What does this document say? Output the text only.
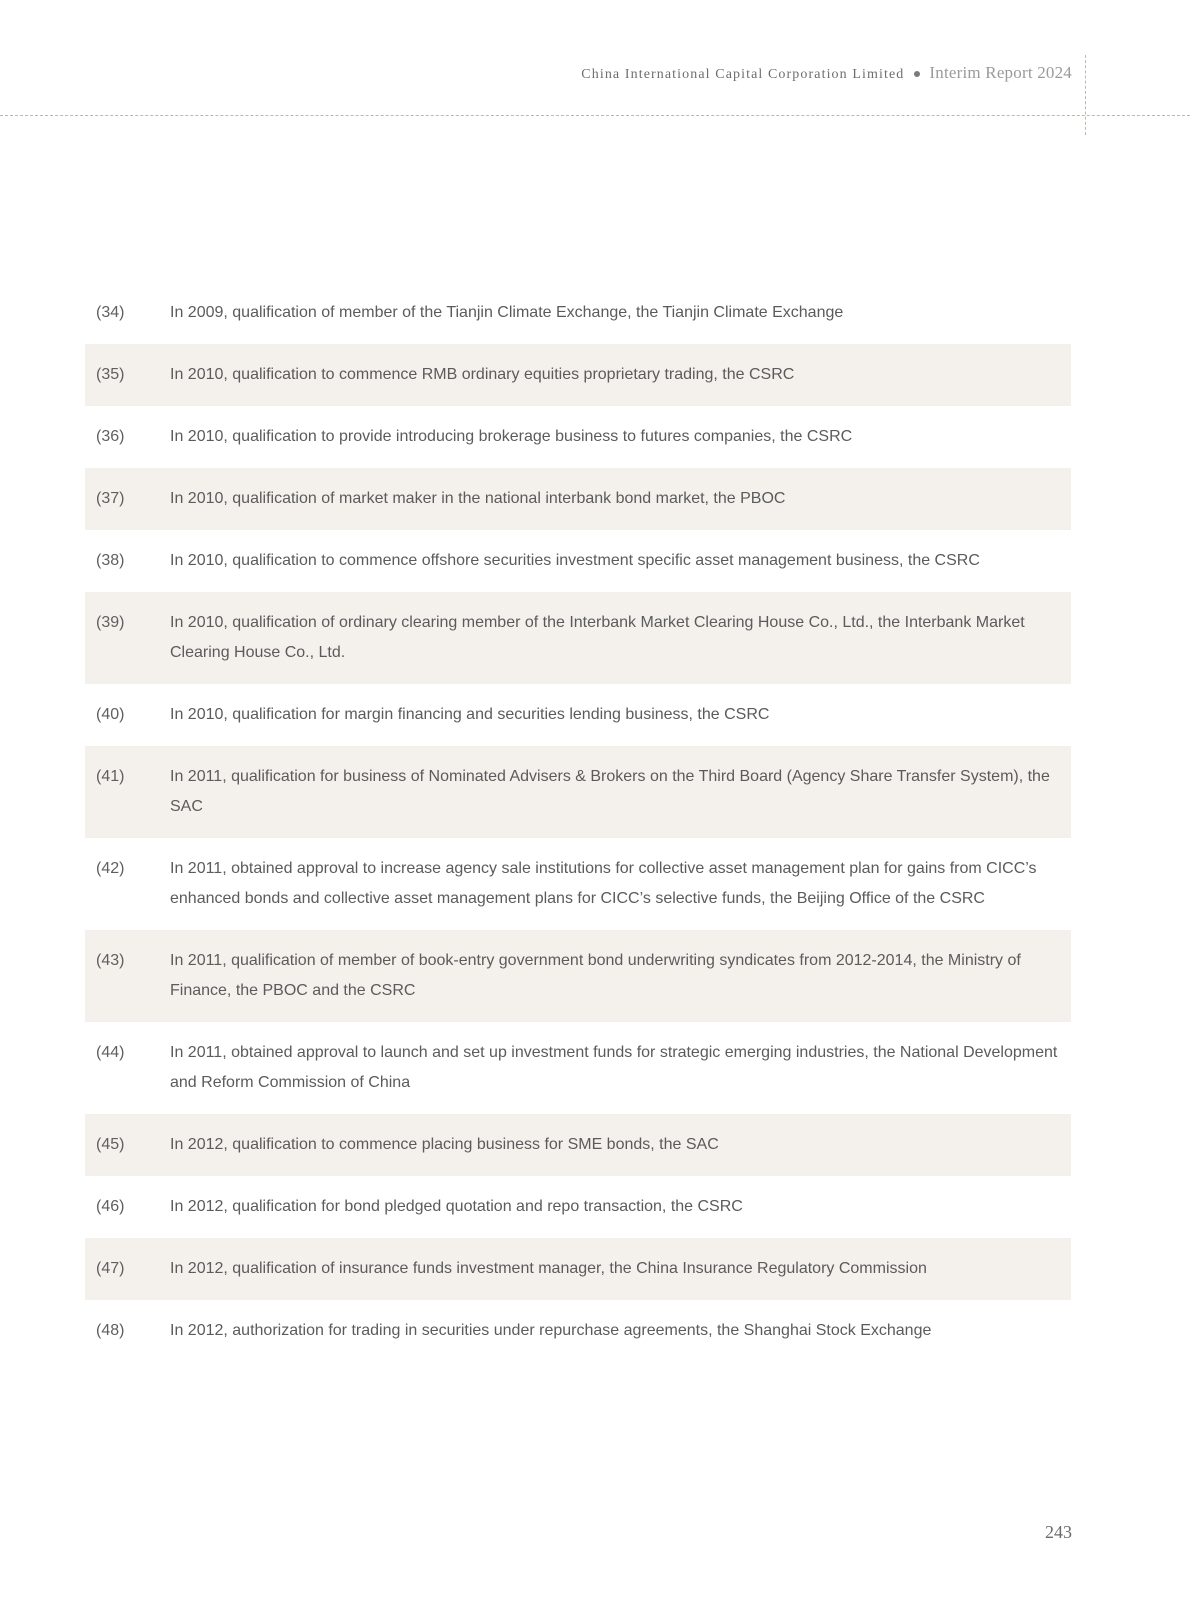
China International Capital Corporation Limited Interim Report 2024
(34)	In 2009, qualification of member of the Tianjin Climate Exchange, the Tianjin Climate Exchange
(35)	In 2010, qualification to commence RMB ordinary equities proprietary trading, the CSRC
(36)	In 2010, qualification to provide introducing brokerage business to futures companies, the CSRC
(37)	In 2010, qualification of market maker in the national interbank bond market, the PBOC
(38)	In 2010, qualification to commence offshore securities investment specific asset management business, the CSRC
(39)	In 2010, qualification of ordinary clearing member of the Interbank Market Clearing House Co., Ltd., the Interbank Market Clearing House Co., Ltd.
(40)	In 2010, qualification for margin financing and securities lending business, the CSRC
(41)	In 2011, qualification for business of Nominated Advisers & Brokers on the Third Board (Agency Share Transfer System), the SAC
(42)	In 2011, obtained approval to increase agency sale institutions for collective asset management plan for gains from CICC’s enhanced bonds and collective asset management plans for CICC’s selective funds, the Beijing Office of the CSRC
(43)	In 2011, qualification of member of book-entry government bond underwriting syndicates from 2012-2014, the Ministry of Finance, the PBOC and the CSRC
(44)	In 2011, obtained approval to launch and set up investment funds for strategic emerging industries, the National Development and Reform Commission of China
(45)	In 2012, qualification to commence placing business for SME bonds, the SAC
(46)	In 2012, qualification for bond pledged quotation and repo transaction, the CSRC
(47)	In 2012, qualification of insurance funds investment manager, the China Insurance Regulatory Commission
(48)	In 2012, authorization for trading in securities under repurchase agreements, the Shanghai Stock Exchange
243
